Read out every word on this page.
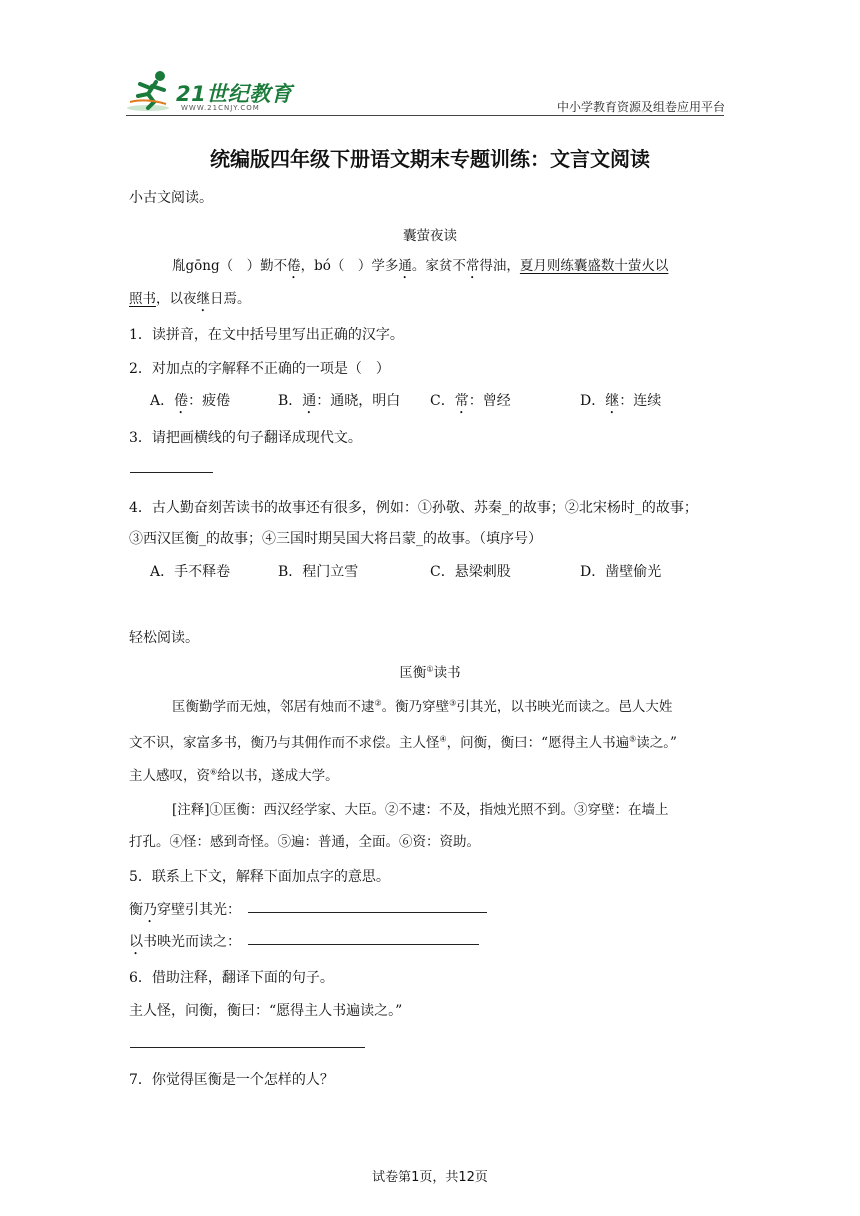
21世纪教育
WWW.21CNJY.COM	中小学教育资源及组卷应用平台
统编版四年级下册语文期末专题训练：文言文阅读
小古文阅读。
囊萤夜读
胤gōng（　）勤不倦，bó（　）学多通。家贫不常得油，夏月则练囊盛数十萤火以
照书，以夜继日焉。
1．读拼音，在文中括号里写出正确的汉字。
2．对加点的字解释不正确的一项是（　）
A．倦：疲倦	B．通：通晓，明白 C．常：曾经	D．继：连续
3．请把画横线的句子翻译成现代文。
4．古人勤奋刻苦读书的故事还有很多，例如：①孙敬、苏秦_的故事；②北宋杨时_的故事；
③西汉匡衡_的故事；④三国时期吴国大将吕蒙_的故事。（填序号）
A．手不释卷	B．程门立雪	C．悬梁刺股	D．凿壁偷光
轻松阅读。
匡衡①读书
匡衡勤学而无烛，邻居有烛而不逮②。衡乃穿壁③引其光，以书映光而读之。邑人大姓
文不识，家富多书，衡乃与其佣作而不求偿。主人怪④，问衡，衡曰：“愿得主人书遍⑤读之。”
主人感叹，资⑥给以书，遂成大学。
[注释]①匡衡：西汉经学家、大臣。②不逮：不及，指烛光照不到。③穿壁：在墙上
打孔。④怪：感到奇怪。⑤遍：普通，全面。⑥资：资助。
5．联系上下文，解释下面加点字的意思。
衡乃穿壁引其光：
以书映光而读之：
6．借助注释，翻译下面的句子。
主人怪，问衡，衡曰：“愿得主人书遍读之。”
7．你觉得匡衡是一个怎样的人？
试卷第1页，共12页
